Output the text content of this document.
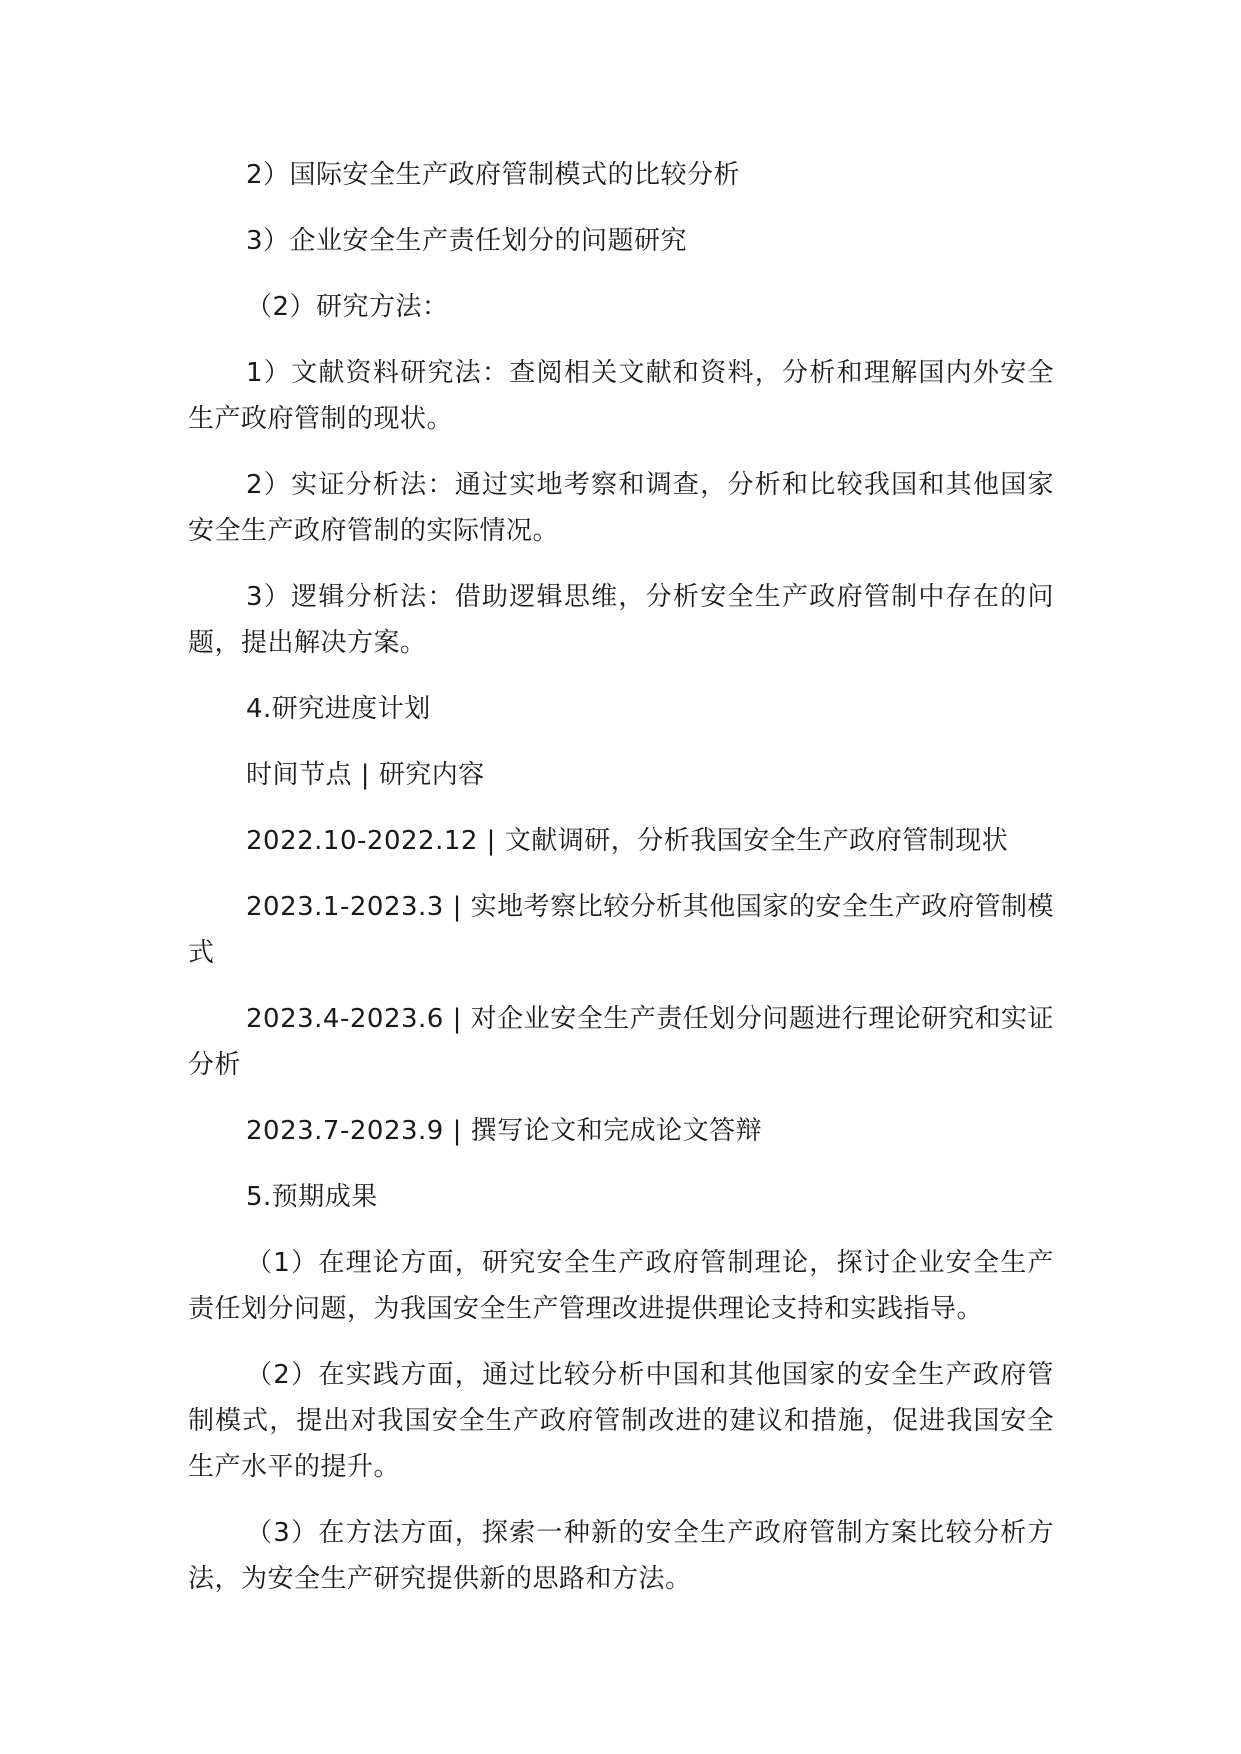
2）国际安全生产政府管制模式的比较分析

3）企业安全生产责任划分的问题研究

（2）研究方法：

1）文献资料研究法：查阅相关文献和资料，分析和理解国内外安全生产政府管制的现状。

2）实证分析法：通过实地考察和调查，分析和比较我国和其他国家安全生产政府管制的实际情况。

3）逻辑分析法：借助逻辑思维，分析安全生产政府管制中存在的问题，提出解决方案。

4.研究进度计划

时间节点 | 研究内容

2022.10-2022.12 | 文献调研，分析我国安全生产政府管制现状

2023.1-2023.3 | 实地考察比较分析其他国家的安全生产政府管制模式

2023.4-2023.6 | 对企业安全生产责任划分问题进行理论研究和实证分析

2023.7-2023.9 | 撰写论文和完成论文答辩

5.预期成果

（1）在理论方面，研究安全生产政府管制理论，探讨企业安全生产责任划分问题，为我国安全生产管理改进提供理论支持和实践指导。

（2）在实践方面，通过比较分析中国和其他国家的安全生产政府管制模式，提出对我国安全生产政府管制改进的建议和措施，促进我国安全生产水平的提升。

（3）在方法方面，探索一种新的安全生产政府管制方案比较分析方法，为安全生产研究提供新的思路和方法。
